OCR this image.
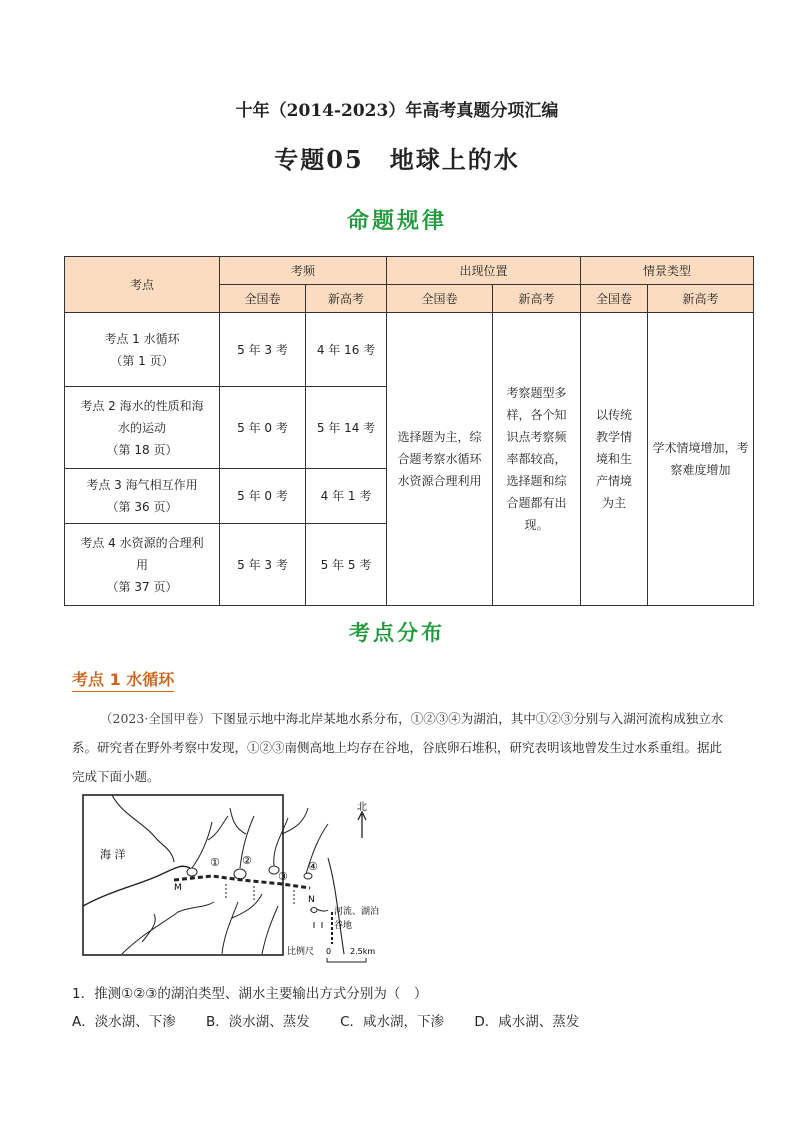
十年（2014-2023）年高考真题分项汇编
专题05　地球上的水
命题规律
考点	考频		出现位置		情景类型	
	全国卷	新高考	全国卷	新高考	全国卷	新高考

考点 1 水循环
（第 1 页）	5 年 3 考	4 年 16 考	选择题为主，综合题考察水循环水资源合理利用	考察题型多样，各个知识点考察频率都较高，选择题和综合题都有出现。	以传统教学情境和生产情境为主	学术情境增加，考察难度增加

考点 2 海水的性质和海水的运动
（第 18 页）	5 年 0 考	5 年 14 考				

考点 3 海气相互作用
（第 36 页）	5 年 0 考	4 年 1 考				

考点 4 水资源的合理利用
（第 37 页）	5 年 3 考	5 年 5 考				
考点分布
考点 1 水循环
（2023·全国甲卷）下图显示地中海北岸某地水系分布，①②③④为湖泊，其中①②③分别与入湖河流构成独立水系。研究者在野外考察中发现，①②③南侧高地上均存在谷地，谷底卵石堆积，研究表明该地曾发生过水系重组。据此完成下面小题。
海 洋
① ②
③
④
M
N
北
河流、湖泊
谷地
比例尺 0 2.5km
1．推测①②③的湖泊类型、湖水主要输出方式分别为（　）
A．淡水湖、下渗 B．淡水湖、蒸发 C．咸水湖，下渗 D．咸水湖、蒸发
